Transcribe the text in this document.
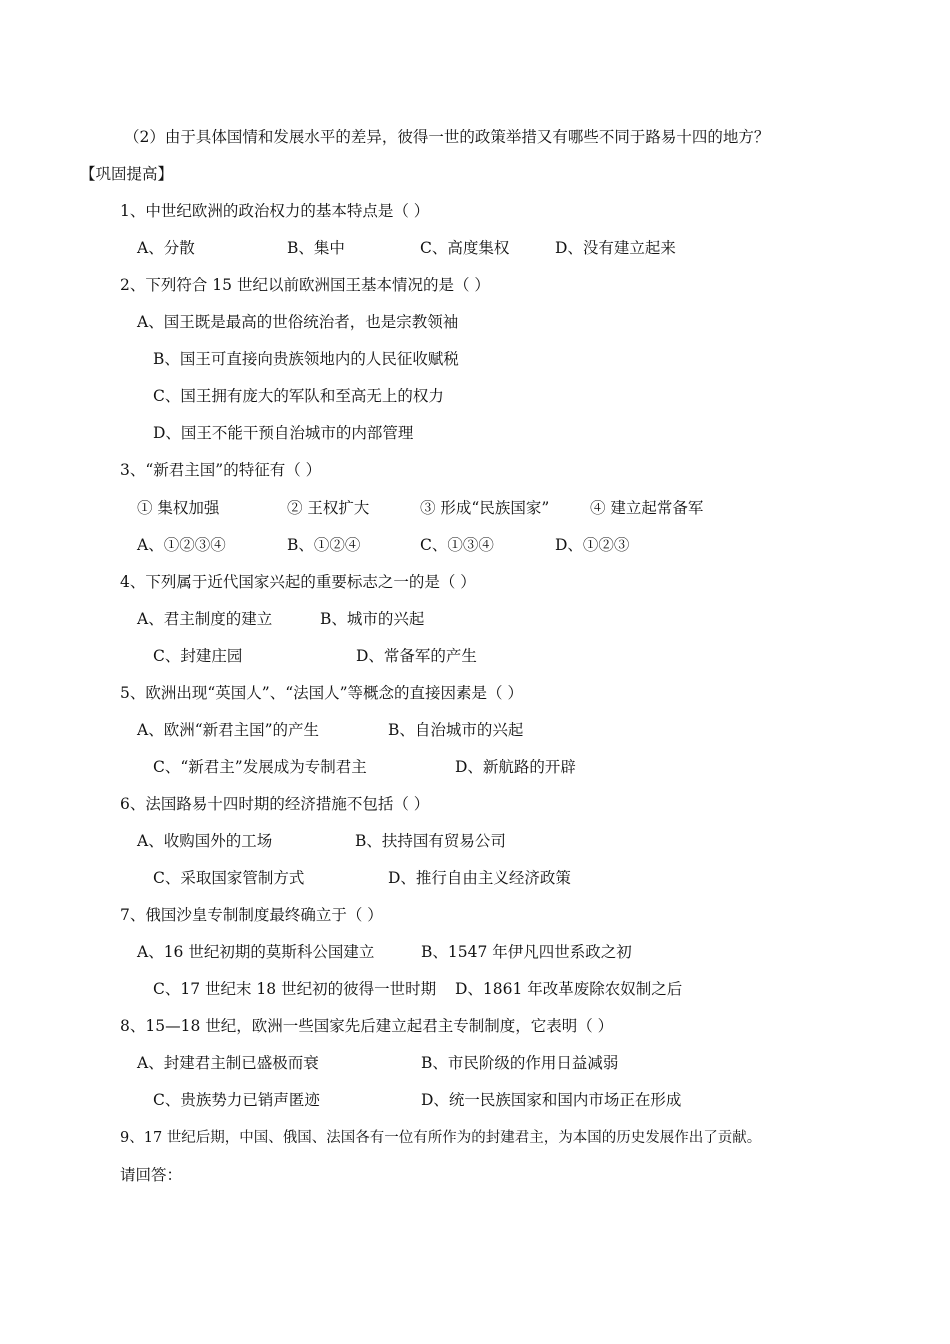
（2）由于具体国情和发展水平的差异，彼得一世的政策举措又有哪些不同于路易十四的地方？
【巩固提高】
1、中世纪欧洲的政治权力的基本特点是（ ）
A、分散	B、集中	C、高度集权	D、没有建立起来
2、下列符合 15 世纪以前欧洲国王基本情况的是（ ）
A、国王既是最高的世俗统治者，也是宗教领袖
B、国王可直接向贵族领地内的人民征收赋税
C、国王拥有庞大的军队和至高无上的权力
D、国王不能干预自治城市的内部管理
3、“新君主国”的特征有（ ）
① 集权加强	② 王权扩大	③ 形成“民族国家”	④ 建立起常备军
A、①②③④	B、①②④	C、①③④	D、①②③
4、下列属于近代国家兴起的重要标志之一的是（ ）
A、君主制度的建立	B、城市的兴起
C、封建庄园	D、常备军的产生
5、欧洲出现“英国人”、“法国人”等概念的直接因素是（ ）
A、欧洲“新君主国”的产生	B、自治城市的兴起
C、“新君主”发展成为专制君主	D、新航路的开辟
6、法国路易十四时期的经济措施不包括（ ）
A、收购国外的工场	B、扶持国有贸易公司
C、采取国家管制方式	D、推行自由主义经济政策
7、俄国沙皇专制制度最终确立于（ ）
A、16 世纪初期的莫斯科公国建立	B、1547 年伊凡四世系政之初
C、17 世纪末 18 世纪初的彼得一世时期 D、1861 年改革废除农奴制之后
8、15—18 世纪，欧洲一些国家先后建立起君主专制制度，它表明（ ）
A、封建君主制已盛极而衰	B、市民阶级的作用日益减弱
C、贵族势力已销声匿迹	D、统一民族国家和国内市场正在形成
9、17 世纪后期，中国、俄国、法国各有一位有所作为的封建君主，为本国的历史发展作出了贡献。
请回答：
